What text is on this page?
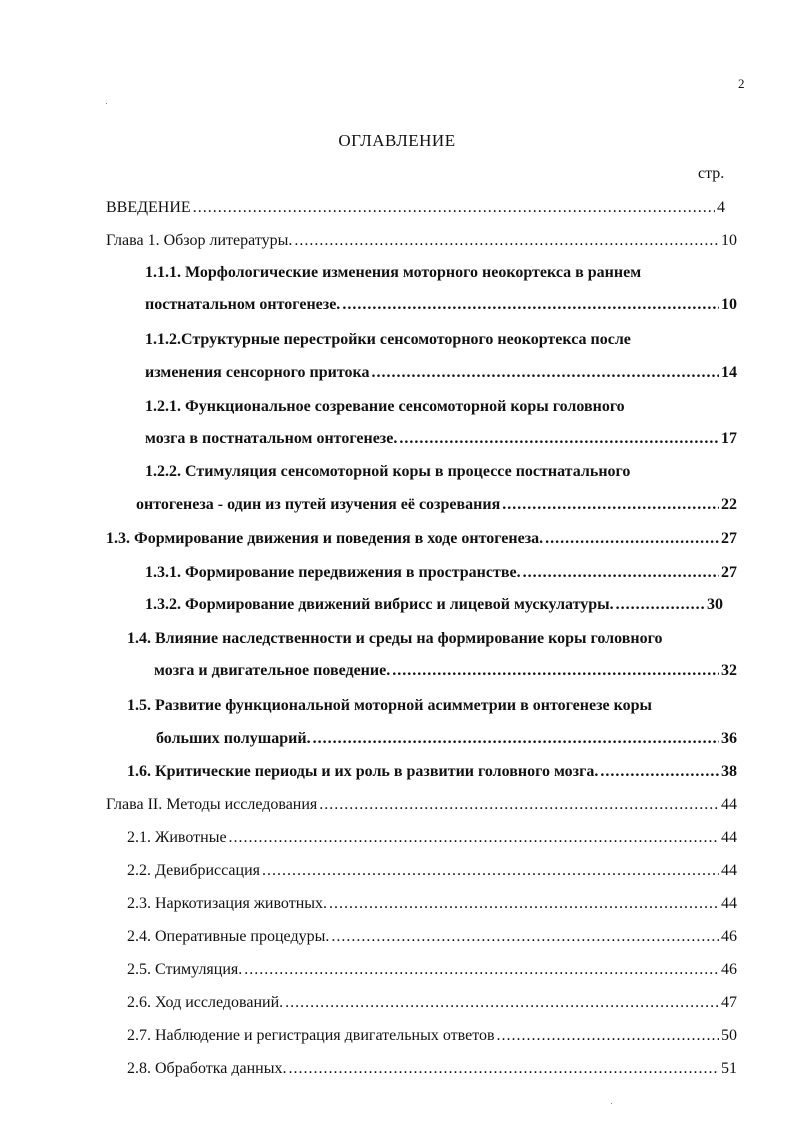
2
ОГЛАВЛЕНИЕ
стр.
ВВЕДЕНИЕ .....	4
Глава 1. Обзор литературы. .....	10
1.1.1. Морфологические изменения моторного неокортекса в раннем
постнатальном онтогенезе. .....	10
1.1.2.Структурные перестройки сенсомоторного неокортекса после
изменения сенсорного притока .....	14
1.2.1. Функциональное созревание сенсомоторной коры головного
мозга в постнатальном онтогенезе. .....	17
1.2.2. Стимуляция сенсомоторной коры в процессе постнатального
онтогенеза - один из путей изучения её созревания .....	22
1.3. Формирование движения и поведения в ходе онтогенеза. .....	27
1.3.1. Формирование передвижения в пространстве. .....	27
1.3.2. Формирование движений вибрисс и лицевой мускулатуры. .....	30
1.4. Влияние наследственности и среды на формирование коры головного
мозга и двигательное поведение. .....	32
1.5. Развитие функциональной моторной асимметрии в онтогенезе коры
больших полушарий. .....	36
1.6. Критические периоды и их роль в развитии головного мозга. .....	38
Глава II. Методы исследования .....	44
2.1. Животные .....	44
2.2. Девибриссация .....	44
2.3. Наркотизация животных. .....	44
2.4. Оперативные процедуры. .....	46
2.5. Стимуляция. .....	46
2.6. Ход исследований. .....	47
2.7. Наблюдение и регистрация двигательных ответов .....	50
2.8. Обработка данных. .....	51
